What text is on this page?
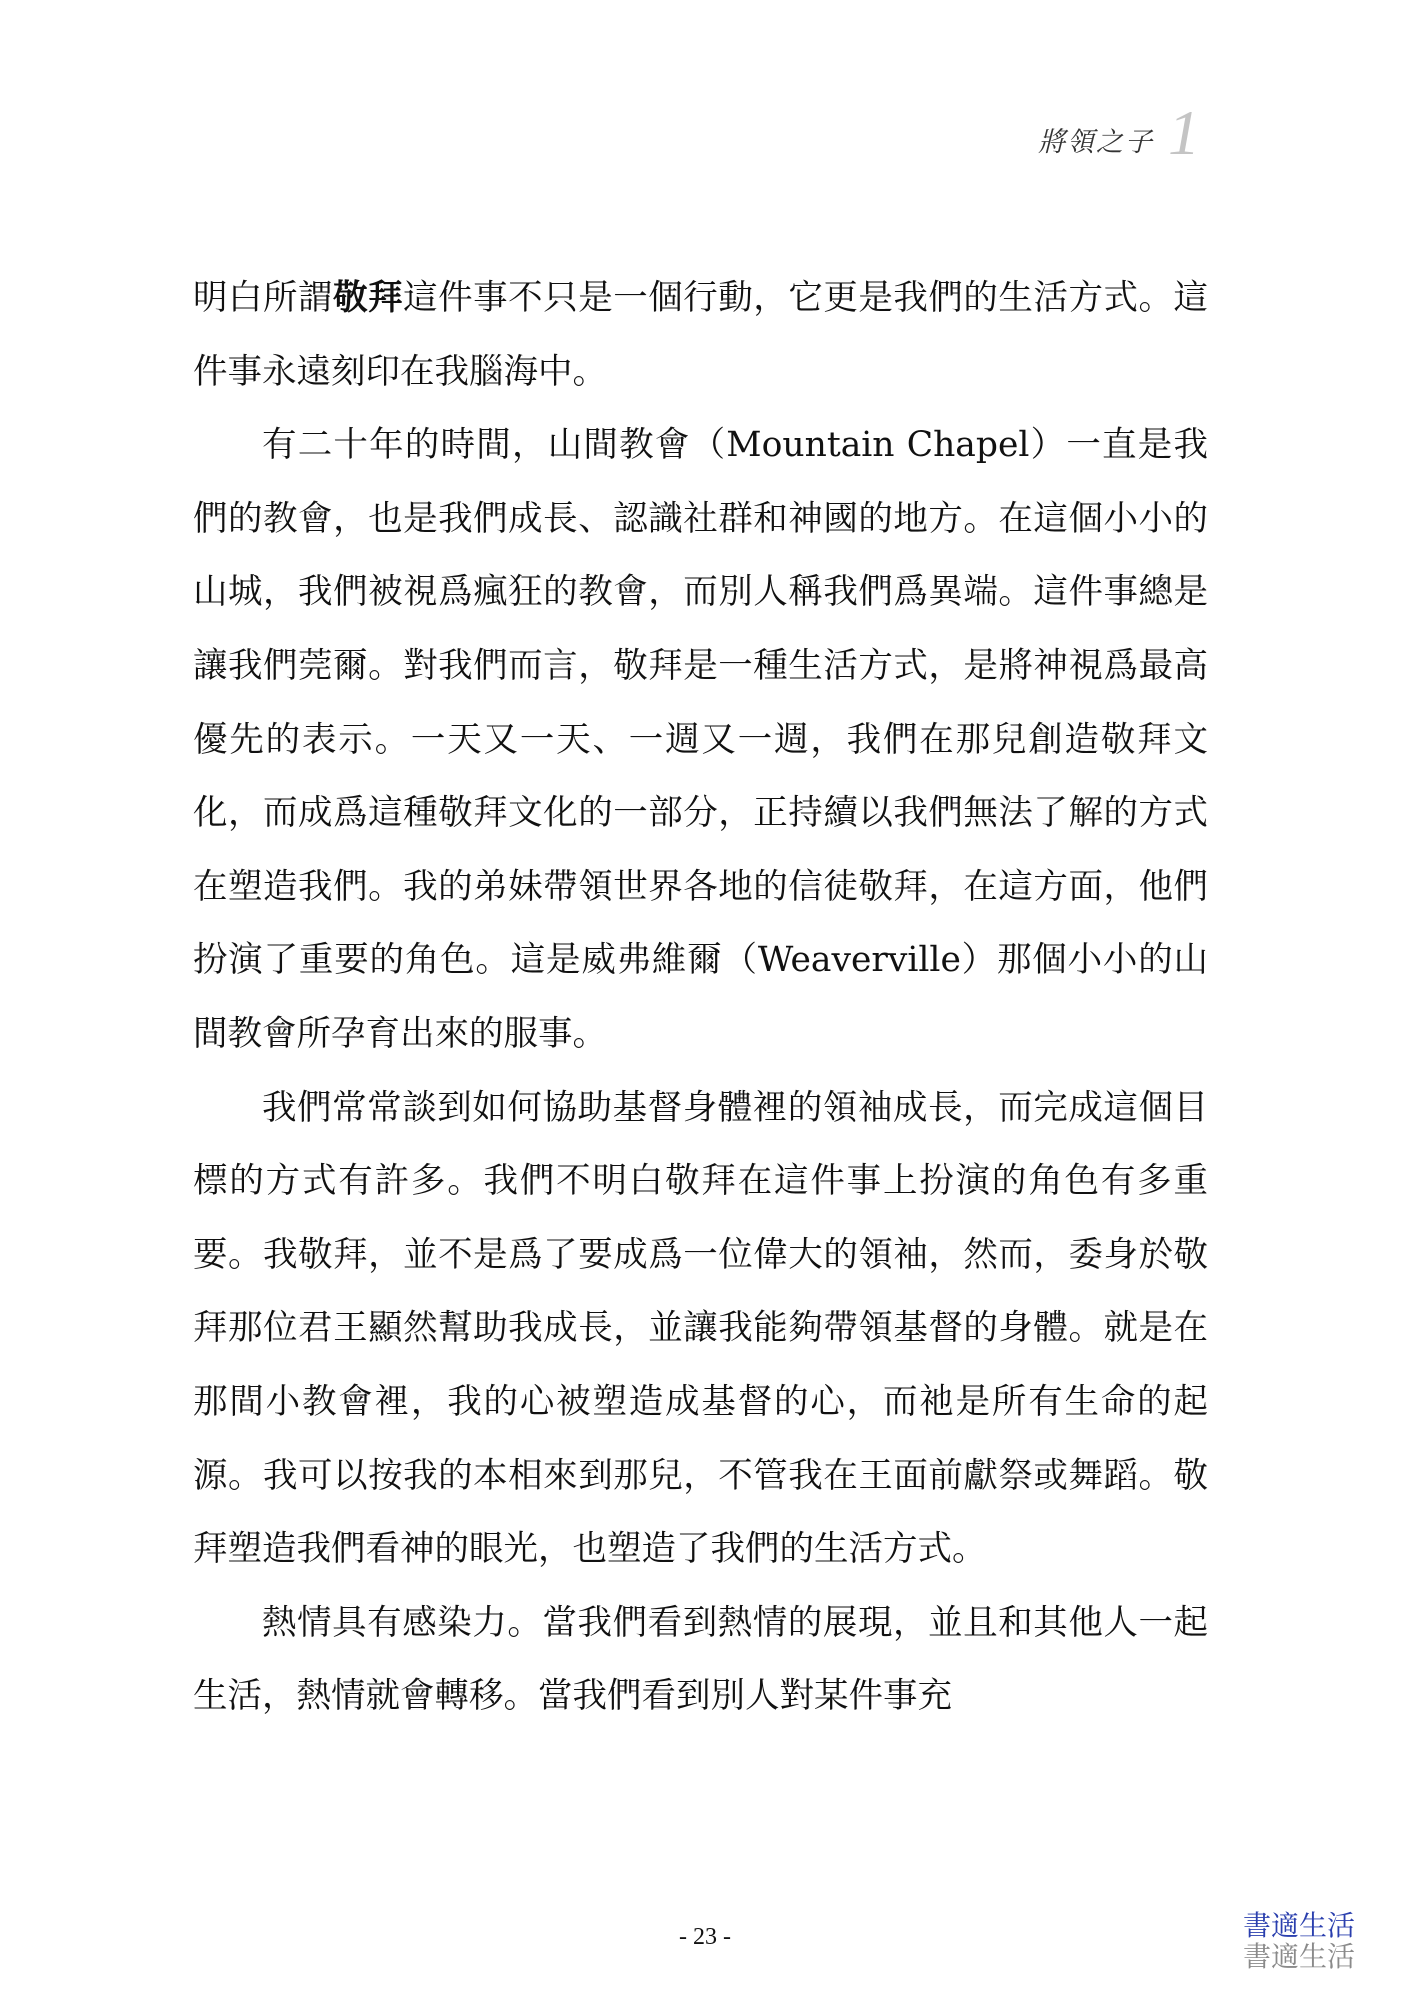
將領之子 1

明白所謂敬拜這件事不只是一個行動，它更是我們的生活方式。這件事永遠刻印在我腦海中。

有二十年的時間，山間教會（Mountain Chapel）一直是我們的教會，也是我們成長、認識社群和神國的地方。在這個小小的山城，我們被視爲瘋狂的教會，而別人稱我們爲異端。這件事總是讓我們莞爾。對我們而言，敬拜是一種生活方式，是將神視爲最高優先的表示。一天又一天、一週又一週，我們在那兒創造敬拜文化，而成爲這種敬拜文化的一部分，正持續以我們無法了解的方式在塑造我們。我的弟妹帶領世界各地的信徒敬拜，在這方面，他們扮演了重要的角色。這是威弗維爾（Weaverville）那個小小的山間教會所孕育出來的服事。

我們常常談到如何協助基督身體裡的領袖成長，而完成這個目標的方式有許多。我們不明白敬拜在這件事上扮演的角色有多重要。我敬拜，並不是爲了要成爲一位偉大的領袖，然而，委身於敬拜那位君王顯然幫助我成長，並讓我能夠帶領基督的身體。就是在那間小教會裡，我的心被塑造成基督的心，而祂是所有生命的起源。我可以按我的本相來到那兒，不管我在王面前獻祭或舞蹈。敬拜塑造我們看神的眼光，也塑造了我們的生活方式。

熱情具有感染力。當我們看到熱情的展現，並且和其他人一起生活，熱情就會轉移。當我們看到別人對某件事充

- 23 -	書適生活
書適生活
